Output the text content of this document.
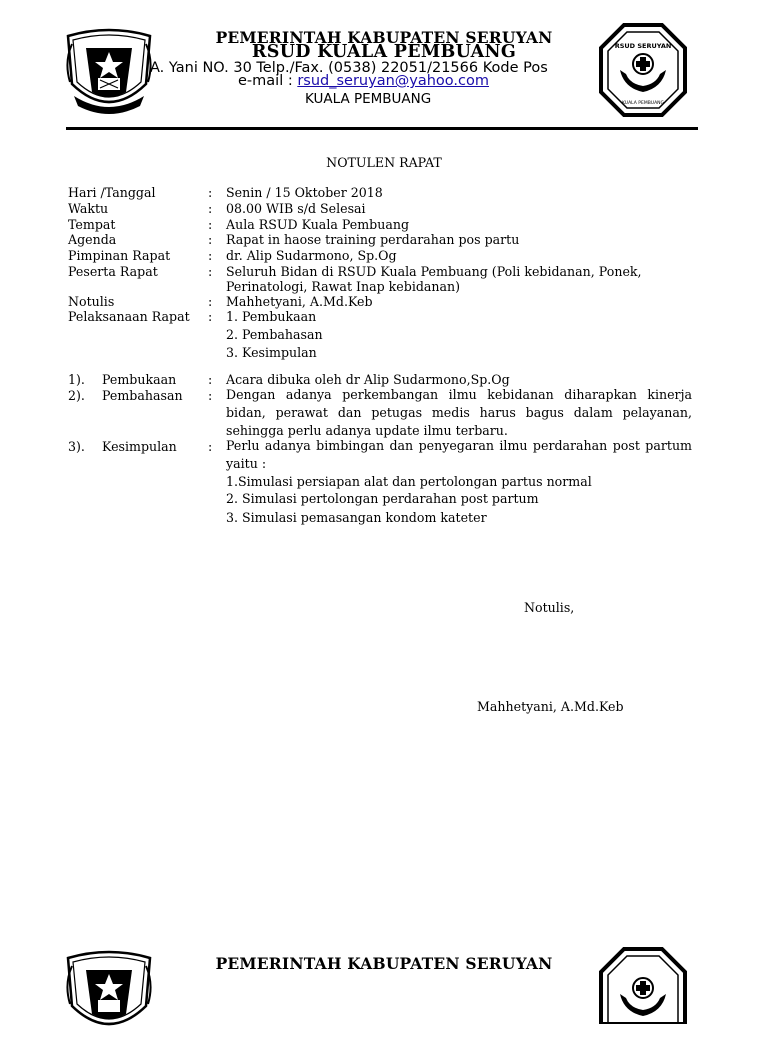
PEMERINTAH KABUPATEN SERUYAN
RSUD KUALA PEMBUANG
A. Yani NO. 30 Telp./Fax. (0538) 22051/21566 Kode Pos
e-mail : rsud_seruyan@yahoo.com
KUALA PEMBUANG
RSUD SERUYAN
KUALA PEMBUANG
NOTULEN RAPAT
Hari /Tanggal	: Senin / 15 Oktober 2018
Waktu	: 08.00 WIB s/d Selesai
Tempat	: Aula RSUD Kuala Pembuang
Agenda	: Rapat in haose training perdarahan pos partu
Pimpinan Rapat	: dr. Alip Sudarmono, Sp.Og
Peserta Rapat	: Seluruh Bidan di RSUD Kuala Pembuang (Poli kebidanan, Ponek,
Perinatologi, Rawat Inap kebidanan)
Notulis	: Mahhetyani, A.Md.Keb
Pelaksanaan Rapat : 1. Pembukaan
2. Pembahasan
3. Kesimpulan
1). Pembukaan	: Acara dibuka oleh dr Alip Sudarmono,Sp.Og
2). Pembahasan : Dengan adanya perkembangan ilmu kebidanan diharapkan kinerja bidan, perawat dan petugas medis harus bagus dalam pelayanan, sehingga perlu adanya update ilmu terbaru.
3). Kesimpulan : Perlu adanya bimbingan dan penyegaran ilmu perdarahan post partum yaitu :
1.Simulasi persiapan alat dan pertolongan partus normal
2. Simulasi pertolongan perdarahan post partum
3. Simulasi pemasangan kondom kateter
Notulis,
Mahhetyani, A.Md.Keb
PEMERINTAH KABUPATEN SERUYAN
